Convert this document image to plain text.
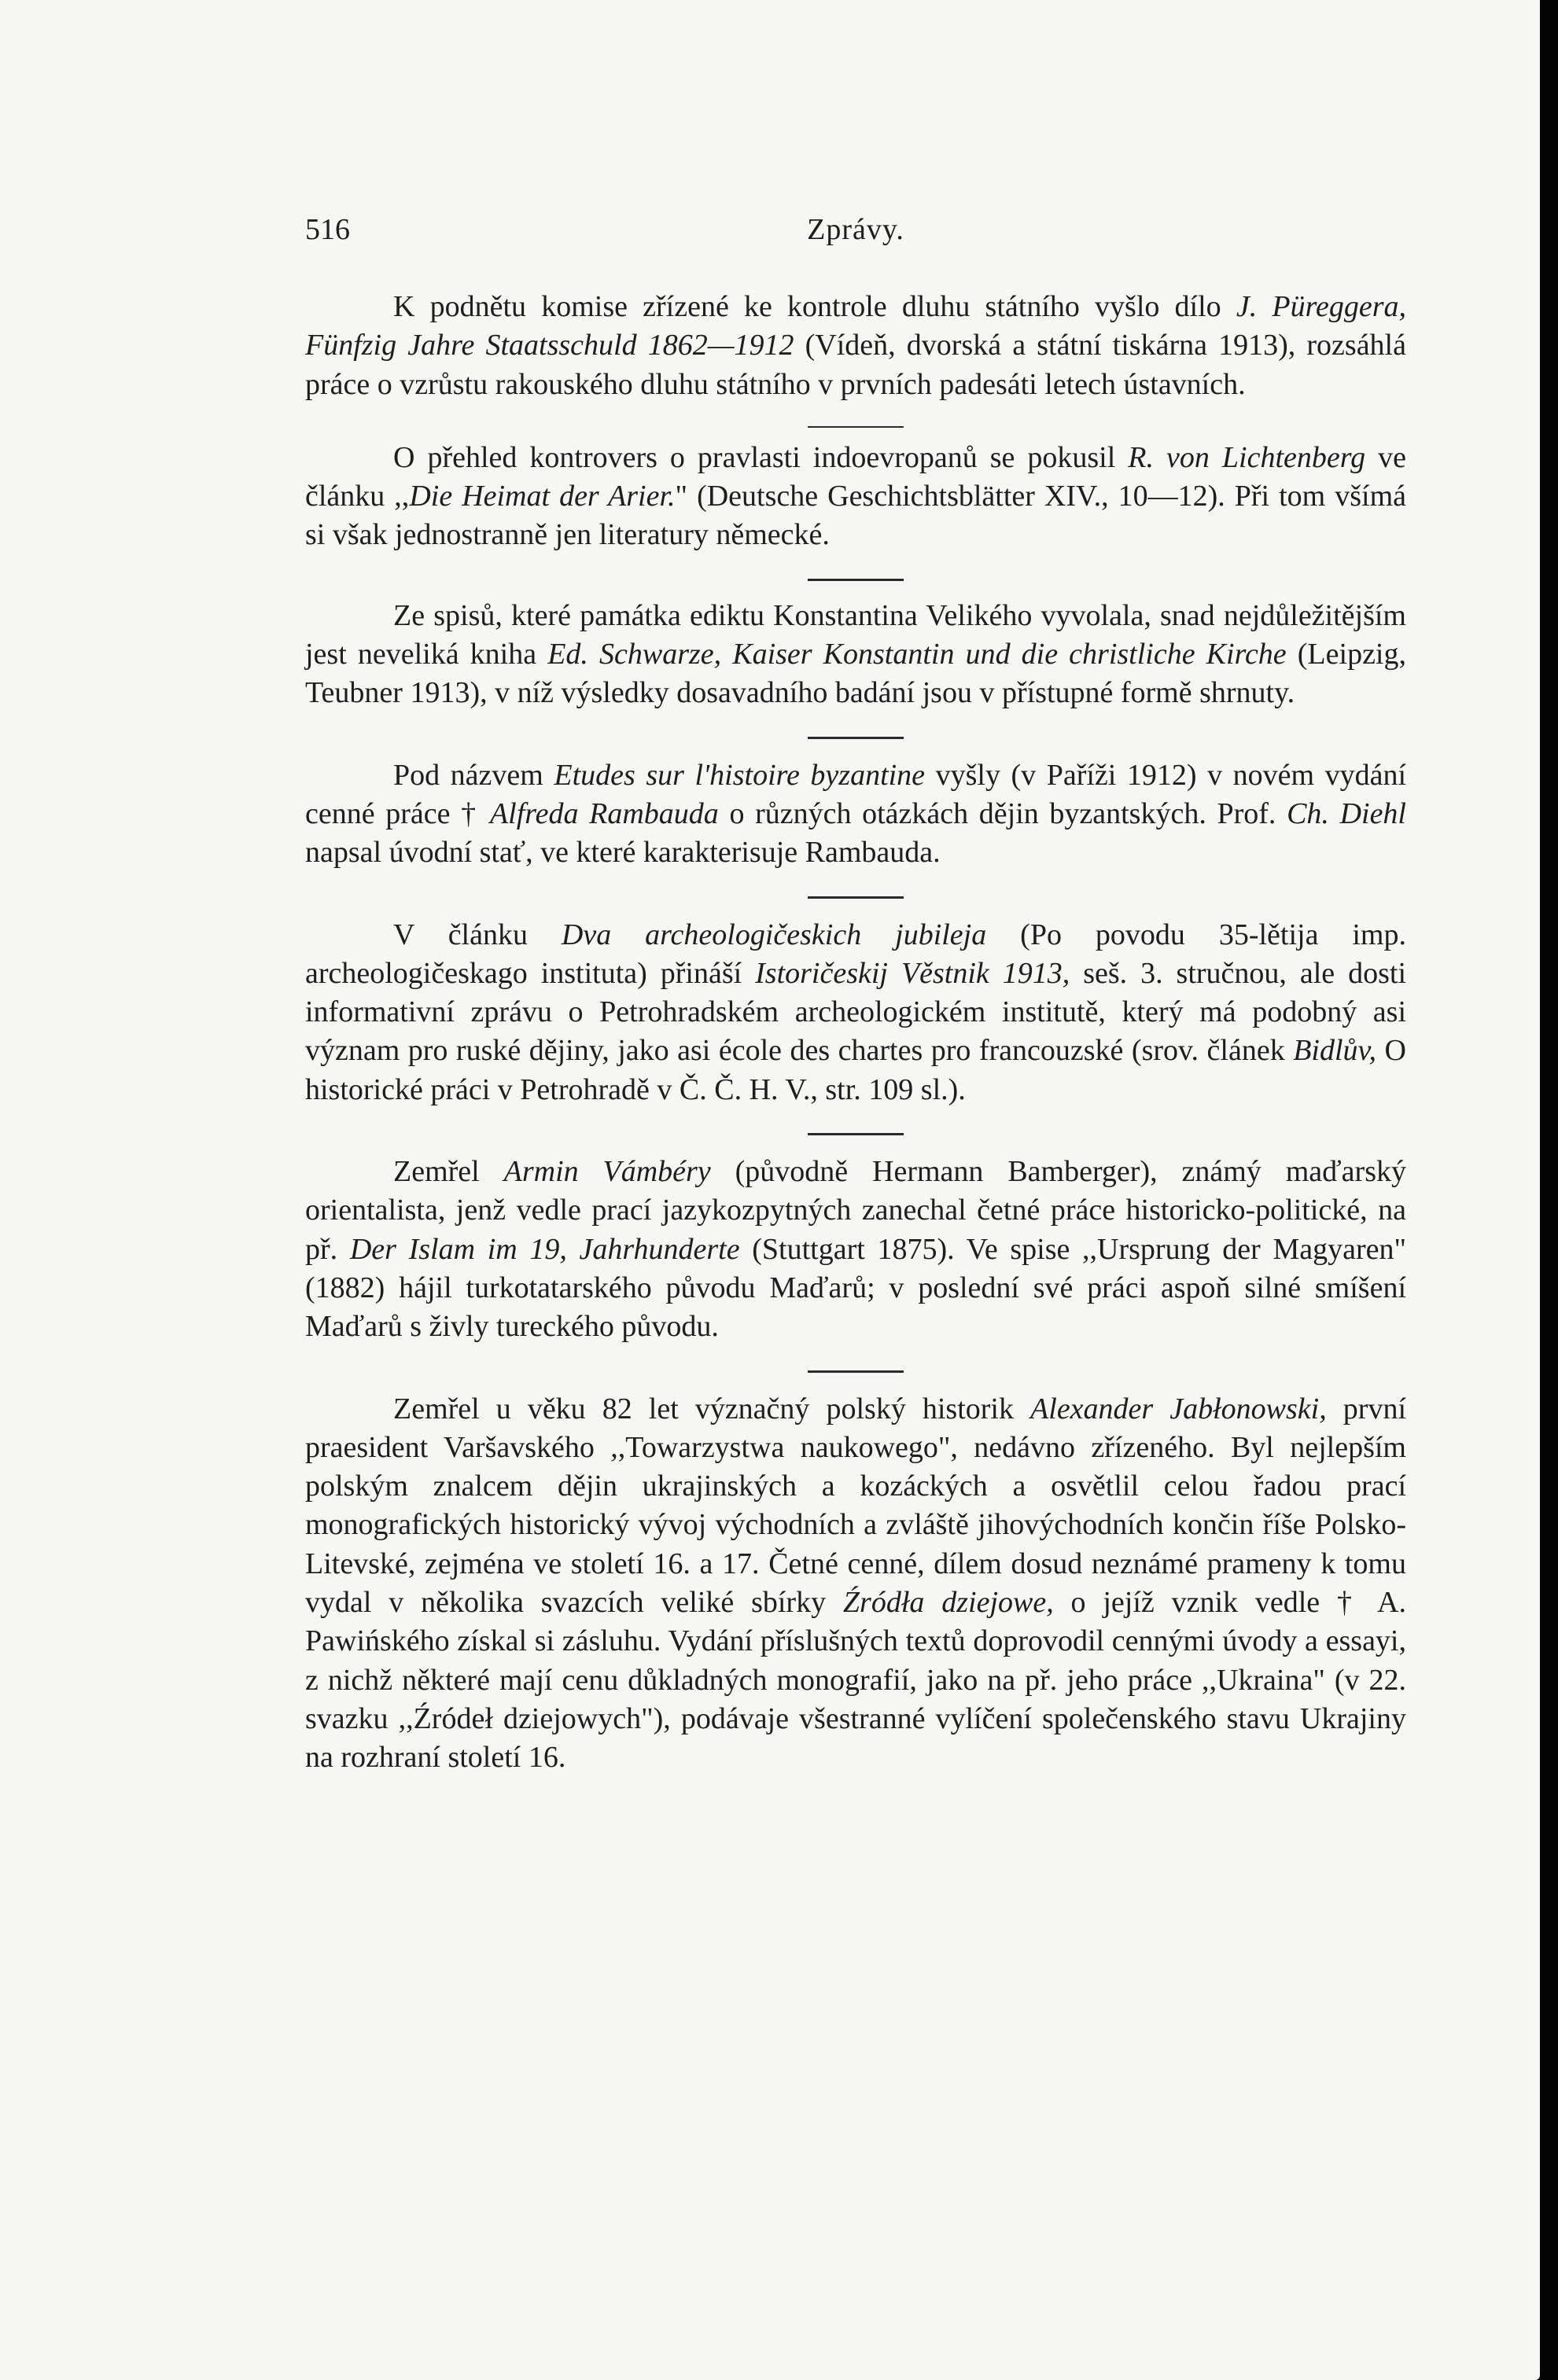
516	Zprávy.

K podnětu komise zřízené ke kontrole dluhu státního vyšlo dílo J. Püreggera, Fünfzig Jahre Staatsschuld 1862—1912 (Vídeň, dvorská a státní tiskárna 1913), rozsáhlá práce o vzrůstu rakouského dluhu státního v prvních padesáti letech ústavních.

O přehled kontrovers o pravlasti indoevropanů se pokusil R. von Lichtenberg ve článku ,,Die Heimat der Arier." (Deutsche Geschichtsblätter XIV., 10—12). Při tom všímá si však jednostranně jen literatury německé.

Ze spisů, které památka ediktu Konstantina Velikého vyvolala, snad nejdůležitějším jest neveliká kniha Ed. Schwarze, Kaiser Konstantin und die christliche Kirche (Leipzig, Teubner 1913), v níž výsledky dosavadního badání jsou v přístupné formě shrnuty.

Pod názvem Etudes sur l'histoire byzantine vyšly (v Paříži 1912) v novém vydání cenné práce † Alfreda Rambauda o různých otázkách dějin byzantských. Prof. Ch. Diehl napsal úvodní stať, ve které karakterisuje Rambauda.

V článku Dva archeologičeskich jubileja (Po povodu 35-lětija imp. archeologičeskago instituta) přináší Istoričeskij Věstnik 1913, seš. 3. stručnou, ale dosti informativní zprávu o Petrohradském archeologickém institutě, který má podobný asi význam pro ruské dějiny, jako asi école des chartes pro francouzské (srov. článek Bidlův, O historické práci v Petrohradě v Č. Č. H. V., str. 109 sl.).

Zemřel Armin Vámbéry (původně Hermann Bamberger), známý maďarský orientalista, jenž vedle prací jazykozpytných zanechal četné práce historicko-politické, na př. Der Islam im 19, Jahrhunderte (Stuttgart 1875). Ve spise ,,Ursprung der Magyaren" (1882) hájil turkotatarského původu Maďarů; v poslední své práci aspoň silné smíšení Maďarů s živly tureckého původu.

Zemřel u věku 82 let význačný polský historik Alexander Jabłonowski, první praesident Varšavského ,,Towarzystwa naukowego", nedávno zřízeného. Byl nejlepším polským znalcem dějin ukrajinských a kozáckých a osvětlil celou řadou prací monografických historický vývoj východních a zvláště jihovýchodních končin říše Polsko-Litevské, zejména ve století 16. a 17. Četné cenné, dílem dosud neznámé prameny k tomu vydal v několika svazcích veliké sbírky Źródła dziejowe, o jejíž vznik vedle † A. Pawińského získal si zásluhu. Vydání příslušných textů doprovodil cennými úvody a essayi, z nichž některé mají cenu důkladných monografií, jako na př. jeho práce ,,Ukraina" (v 22. svazku ,,Źródeł dziejowych"), podávaje všestranné vylíčení společenského stavu Ukrajiny na rozhraní století 16.
